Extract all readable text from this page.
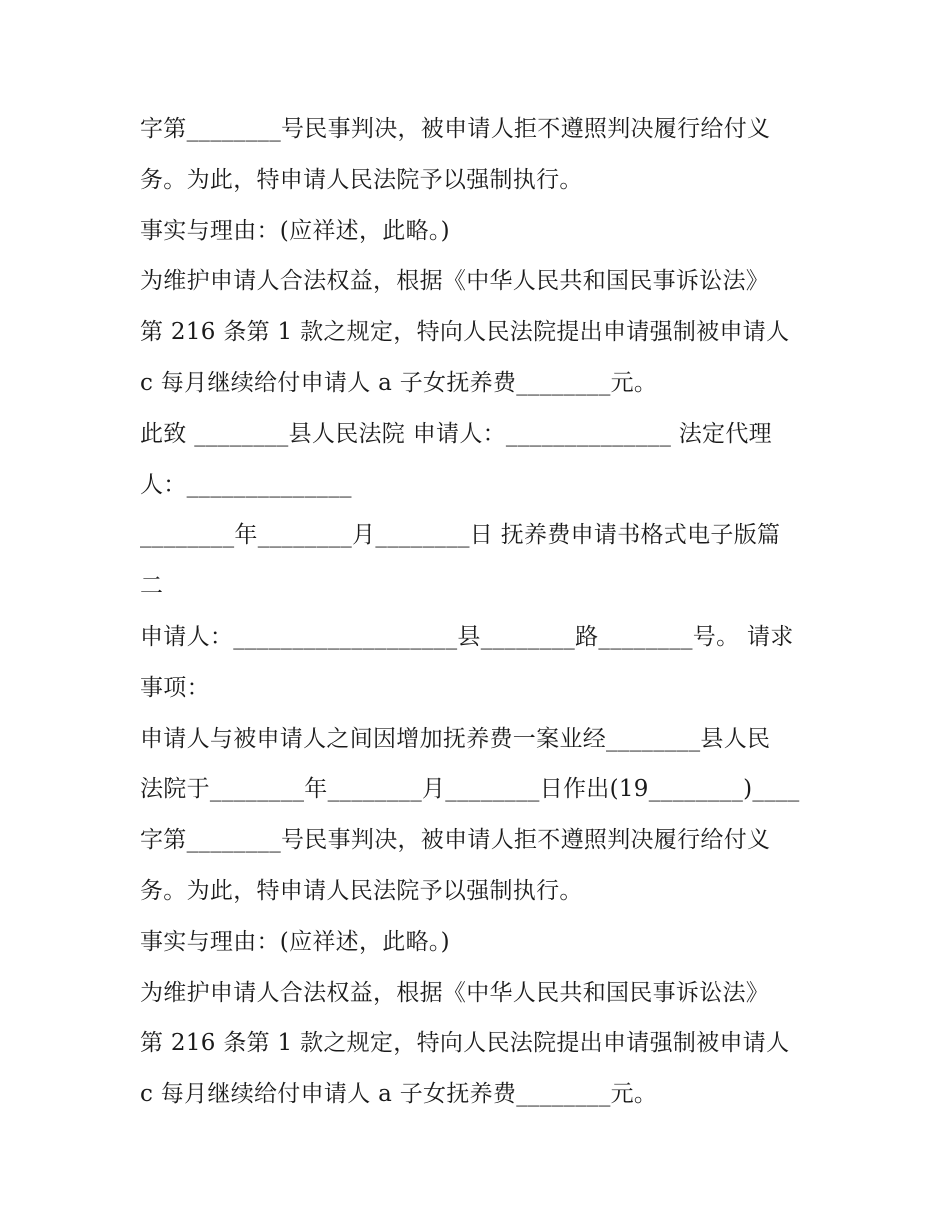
字第________号民事判决，被申请人拒不遵照判决履行给付义
务。为此，特申请人民法院予以强制执行。
事实与理由：(应祥述，此略。)
为维护申请人合法权益，根据《中华人民共和国民事诉讼法》
第 216 条第 1 款之规定，特向人民法院提出申请强制被申请人
c 每月继续给付申请人 a 子女抚养费________元。
此致 ________县人民法院 申请人：______________ 法定代理
人：______________
________年________月________日 抚养费申请书格式电子版篇
二
申请人：___________________县________路________号。 请求
事项：
申请人与被申请人之间因增加抚养费一案业经________县人民
法院于________年________月________日作出(19________)____
字第________号民事判决，被申请人拒不遵照判决履行给付义
务。为此，特申请人民法院予以强制执行。
事实与理由：(应祥述，此略。)
为维护申请人合法权益，根据《中华人民共和国民事诉讼法》
第 216 条第 1 款之规定，特向人民法院提出申请强制被申请人
c 每月继续给付申请人 a 子女抚养费________元。
